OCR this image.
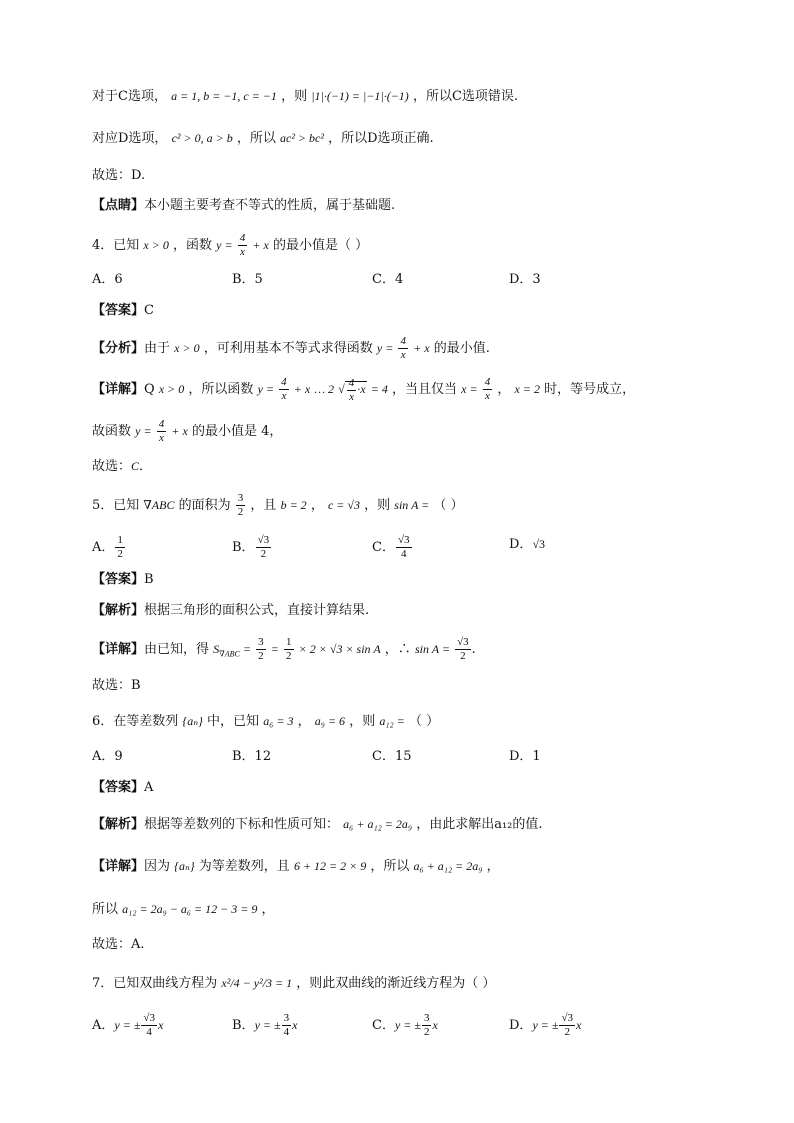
对于C选项， a = 1, b = −1, c = −1 ，则 |1|·(−1) = |−1|·(−1) ，所以C选项错误.
对应D选项， c² > 0, a > b ，所以 ac² > bc² ，所以D选项正确.
故选：D.
【点睛】本小题主要考查不等式的性质，属于基础题.
4．已知 x > 0 ，函数 $y = \frac{4}{x} + x$ 的最小值是（ ）
A．6	B．5	C．4	D．3
【答案】C
【分析】由于 x > 0 ，可利用基本不等式求得函数 $y = \frac{4}{x} + x$ 的最小值.
【详解】Q x > 0 ，所以函数 $y = \frac{4}{x} + x$ … 2 √ $\frac{4}{x} \cdot x = 4$ ，当且仅当 $x = \frac{4}{x}$ ， x = 2 时，等号成立，
故函数 $y = \frac{4}{x} + x$ 的最小值是 4，
故选：C．
5．已知 ∇ABC 的面积为 $\frac{3}{2}$ ，且 b = 2 ， c = √3 ，则 sin A = （ ）
A． $\frac{1}{2}$	B． $\frac{√3}{2}$	C． $\frac{√3}{4}$	D．√3
【答案】B
【解析】根据三角形的面积公式，直接计算结果.
【详解】由已知，得 $S_{\nabla ABC} = \frac{3}{2} = \frac{1}{2} \times 2 \times √3 \times \sin A$ ，∴ $\sin A = \frac{√3}{2}$ .
故选：B
6．在等差数列 {aₙ} 中，已知 a₆ = 3 ， a₉ = 6 ，则 a₁₂ = （ ）
A．9	B．12	C．15	D．1
【答案】A
【解析】根据等差数列的下标和性质可知： a₆ + a₁₂ = 2a₉ ，由此求解出a₁₂的值.
【详解】因为 {aₙ} 为等差数列，且 6 + 12 = 2 × 9 ，所以 a₆ + a₁₂ = 2a₉ ，
所以 a₁₂ = 2a₉ − a₆ = 12 − 3 = 9 ，
故选：A.
7．已知双曲线方程为 x²/4 − y²/3 = 1 ，则此双曲线的渐近线方程为（ ）
A．y = ± $\frac{√3}{4}$ x	B．y = ± $\frac{3}{4}$ x	C．y = ± $\frac{3}{2}$ x	D．y = ± $\frac{√3}{2}$ x
